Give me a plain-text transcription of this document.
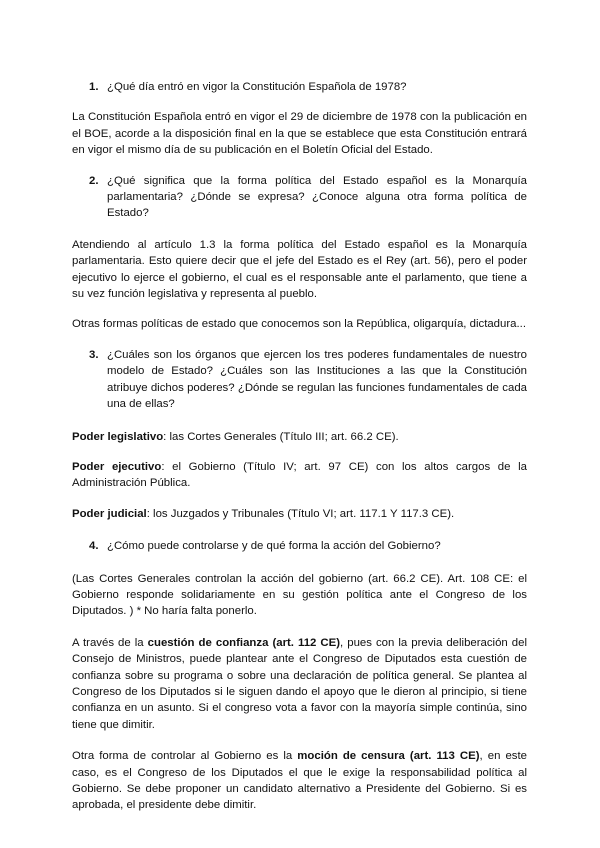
1. ¿Qué día entró en vigor la Constitución Española de 1978?

La Constitución Española entró en vigor el 29 de diciembre de 1978 con la publicación en el BOE, acorde a la disposición final en la que se establece que esta Constitución entrará en vigor el mismo día de su publicación en el Boletín Oficial del Estado.

2. ¿Qué significa que la forma política del Estado español es la Monarquía parlamentaria? ¿Dónde se expresa? ¿Conoce alguna otra forma política de Estado?

Atendiendo al artículo 1.3 la forma política del Estado español es la Monarquía parlamentaria. Esto quiere decir que el jefe del Estado es el Rey (art. 56), pero el poder ejecutivo lo ejerce el gobierno, el cual es el responsable ante el parlamento, que tiene a su vez función legislativa y representa al pueblo.

Otras formas políticas de estado que conocemos son la República, oligarquía, dictadura...

3. ¿Cuáles son los órganos que ejercen los tres poderes fundamentales de nuestro modelo de Estado? ¿Cuáles son las Instituciones a las que la Constitución atribuye dichos poderes? ¿Dónde se regulan las funciones fundamentales de cada una de ellas?

Poder legislativo: las Cortes Generales (Título III; art. 66.2 CE).

Poder ejecutivo: el Gobierno (Título IV; art. 97 CE) con los altos cargos de la Administración Pública.

Poder judicial: los Juzgados y Tribunales (Título VI; art. 117.1 Y 117.3 CE).

4. ¿Cómo puede controlarse y de qué forma la acción del Gobierno?

(Las Cortes Generales controlan la acción del gobierno (art. 66.2 CE). Art. 108 CE: el Gobierno responde solidariamente en su gestión política ante el Congreso de los Diputados. ) * No haría falta ponerlo.

A través de la cuestión de confianza (art. 112 CE), pues con la previa deliberación del Consejo de Ministros, puede plantear ante el Congreso de Diputados esta cuestión de confianza sobre su programa o sobre una declaración de política general. Se plantea al Congreso de los Diputados si le siguen dando el apoyo que le dieron al principio, si tiene confianza en un asunto. Si el congreso vota a favor con la mayoría simple continúa, sino tiene que dimitir.

Otra forma de controlar al Gobierno es la moción de censura (art. 113 CE), en este caso, es el Congreso de los Diputados el que le exige la responsabilidad política al Gobierno. Se debe proponer un candidato alternativo a Presidente del Gobierno. Si es aprobada, el presidente debe dimitir.
